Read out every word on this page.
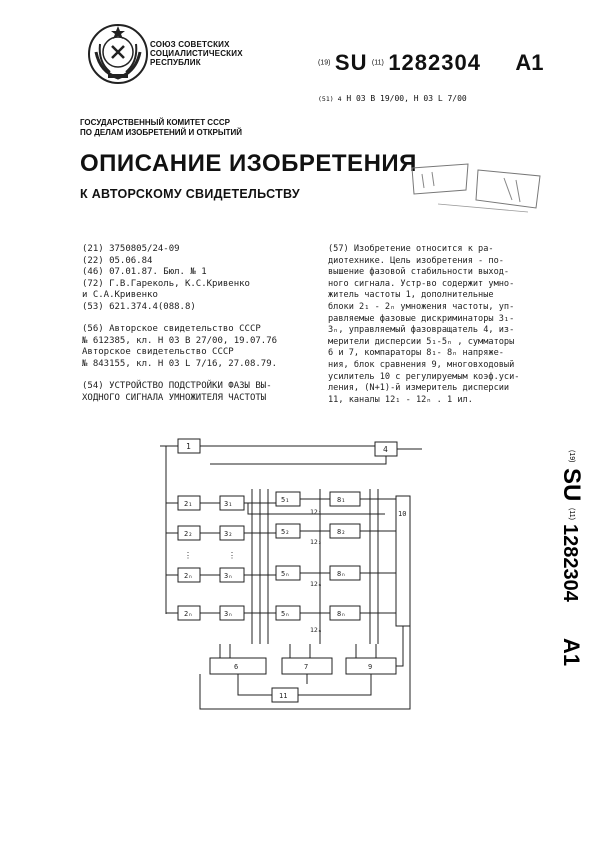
СОЮЗ СОВЕТСКИХ
СОЦИАЛИСТИЧЕСКИХ
РЕСПУБЛИК	(19) SU (11) 1282304 A1
(51) 4 H 03 B 19/00, H 03 L 7/00
ГОСУДАРСТВЕННЫЙ КОМИТЕТ СССР
ПО ДЕЛАМ ИЗОБРЕТЕНИЙ И ОТКРЫТИЙ
ОПИСАНИЕ ИЗОБРЕТЕНИЯ
К АВТОРСКОМУ СВИДЕТЕЛЬСТВУ
(21) 3750805/24-09
(22) 05.06.84
(46) 07.01.87. Бюл. № 1
(72) Г.В.Гареколь, К.С.Кривенко
и С.А.Кривенко
(53) 621.374.4(088.8)
(56) Авторское свидетельство СССР
№ 612385, кл. H 03 B 27/00, 19.07.76
Авторское свидетельство СССР
№ 843155, кл. H 03 L 7/16, 27.08.79.
(54) УСТРОЙСТВО ПОДСТРОЙКИ ФАЗЫ ВЫ-
ХОДНОГО СИГНАЛА УМНОЖИТЕЛЯ ЧАСТОТЫ
(57) Изобретение относится к ра-
диотехнике. Цель изобретения - по-
вышение фазовой стабильности выход-
ного сигнала. Устр-во содержит умно-
житель частоты 1, дополнительные
блоки 2₁ - 2ₙ умножения частоты, уп-
равляемые фазовые дискриминаторы 3₁-
3ₙ, управляемый фазовращатель 4, из-
мерители дисперсии 5₁-5ₙ , сумматоры
6 и 7, компараторы 8₁- 8ₙ напряже-
ния, блок сравнения 9, многовходовый
усилитель 10 с регулируемым коэф.уси-
ления, (N+1)-й измеритель дисперсии
11, каналы 12₁ - 12ₙ . 1 ил.
(19)
SU
(11)
1282304
A1
1	4
10
2₁	3₁	5₁	8₁
12₁
2₂	3₂	5₂	8₂
12₂
⋮	⋮
2ₙ	3ₙ	5ₙ	8ₙ
12ₙ
2ₙ	3ₙ	5ₙ	8ₙ
12ₙ
6	7	9
11
